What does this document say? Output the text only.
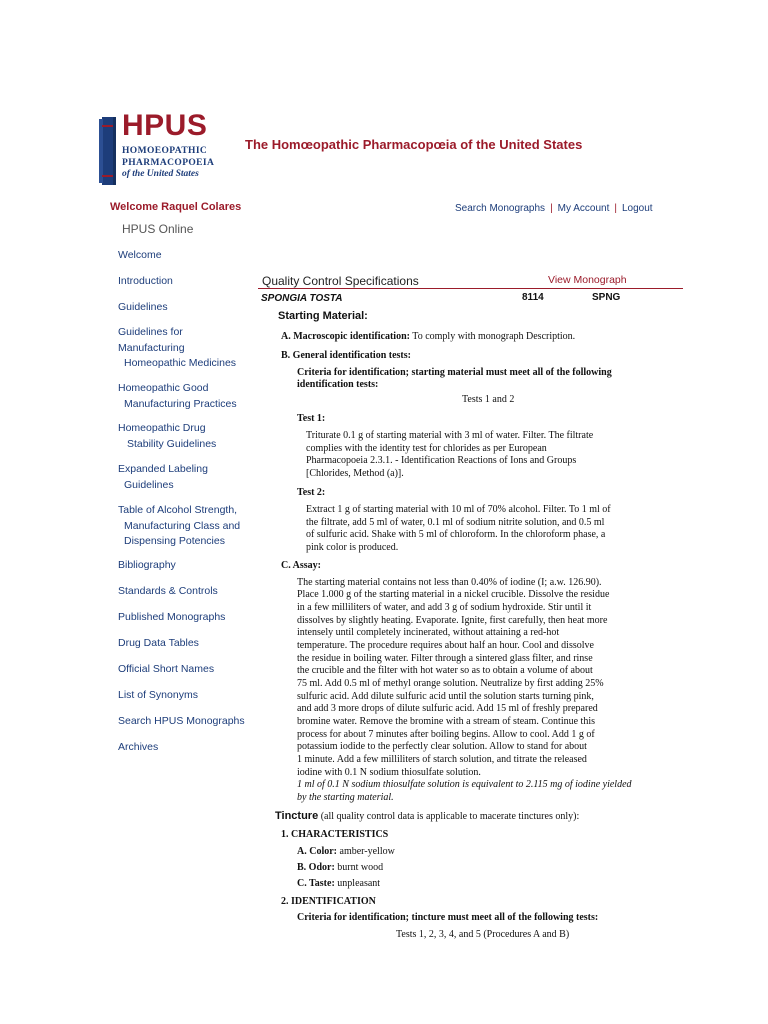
HPUS
HOMOEOPATHIC
PHARMACOPOEIA
of the United States
The Homœopathic Pharmacopœia of the United States
Welcome Raquel Colares	Search Monographs | My Account | Logout
HPUS Online
Welcome
Introduction
Guidelines
Guidelines for
Manufacturing
Homeopathic Medicines
Homeopathic Good
Manufacturing Practices
Homeopathic Drug
Stability Guidelines
Expanded Labeling
Guidelines
Table of Alcohol Strength,
Manufacturing Class and
Dispensing Potencies
Bibliography
Standards & Controls
Published Monographs
Drug Data Tables
Official Short Names
List of Synonyms
Search HPUS Monographs
Archives
Quality Control Specifications	View Monograph
SPONGIA TOSTA	8114	SPNG
Starting Material:
A. Macroscopic identification: To comply with monograph Description.
B. General identification tests:
Criteria for identification; starting material must meet all of the following
identification tests:
Tests 1 and 2
Test 1:
Triturate 0.1 g of starting material with 3 ml of water. Filter. The filtrate
complies with the identity test for chlorides as per European
Pharmacopoeia 2.3.1. - Identification Reactions of Ions and Groups
[Chlorides, Method (a)].
Test 2:
Extract 1 g of starting material with 10 ml of 70% alcohol. Filter. To 1 ml of
the filtrate, add 5 ml of water, 0.1 ml of sodium nitrite solution, and 0.5 ml
of sulfuric acid. Shake with 5 ml of chloroform. In the chloroform phase, a
pink color is produced.
C. Assay:
The starting material contains not less than 0.40% of iodine (I; a.w. 126.90).
Place 1.000 g of the starting material in a nickel crucible. Dissolve the residue
in a few milliliters of water, and add 3 g of sodium hydroxide. Stir until it
dissolves by slightly heating. Evaporate. Ignite, first carefully, then heat more
intensely until completely incinerated, without attaining a red-hot
temperature. The procedure requires about half an hour. Cool and dissolve
the residue in boiling water. Filter through a sintered glass filter, and rinse
the crucible and the filter with hot water so as to obtain a volume of about
75 ml. Add 0.5 ml of methyl orange solution. Neutralize by first adding 25%
sulfuric acid. Add dilute sulfuric acid until the solution starts turning pink,
and add 3 more drops of dilute sulfuric acid. Add 15 ml of freshly prepared
bromine water. Remove the bromine with a stream of steam. Continue this
process for about 7 minutes after boiling begins. Allow to cool. Add 1 g of
potassium iodide to the perfectly clear solution. Allow to stand for about
1 minute. Add a few milliliters of starch solution, and titrate the released
iodine with 0.1 N sodium thiosulfate solution.
1 ml of 0.1 N sodium thiosulfate solution is equivalent to 2.115 mg of iodine yielded
by the starting material.
Tincture (all quality control data is applicable to macerate tinctures only):
1. CHARACTERISTICS
A. Color: amber-yellow
B. Odor: burnt wood
C. Taste: unpleasant
2. IDENTIFICATION
Criteria for identification; tincture must meet all of the following tests:
Tests 1, 2, 3, 4, and 5 (Procedures A and B)
